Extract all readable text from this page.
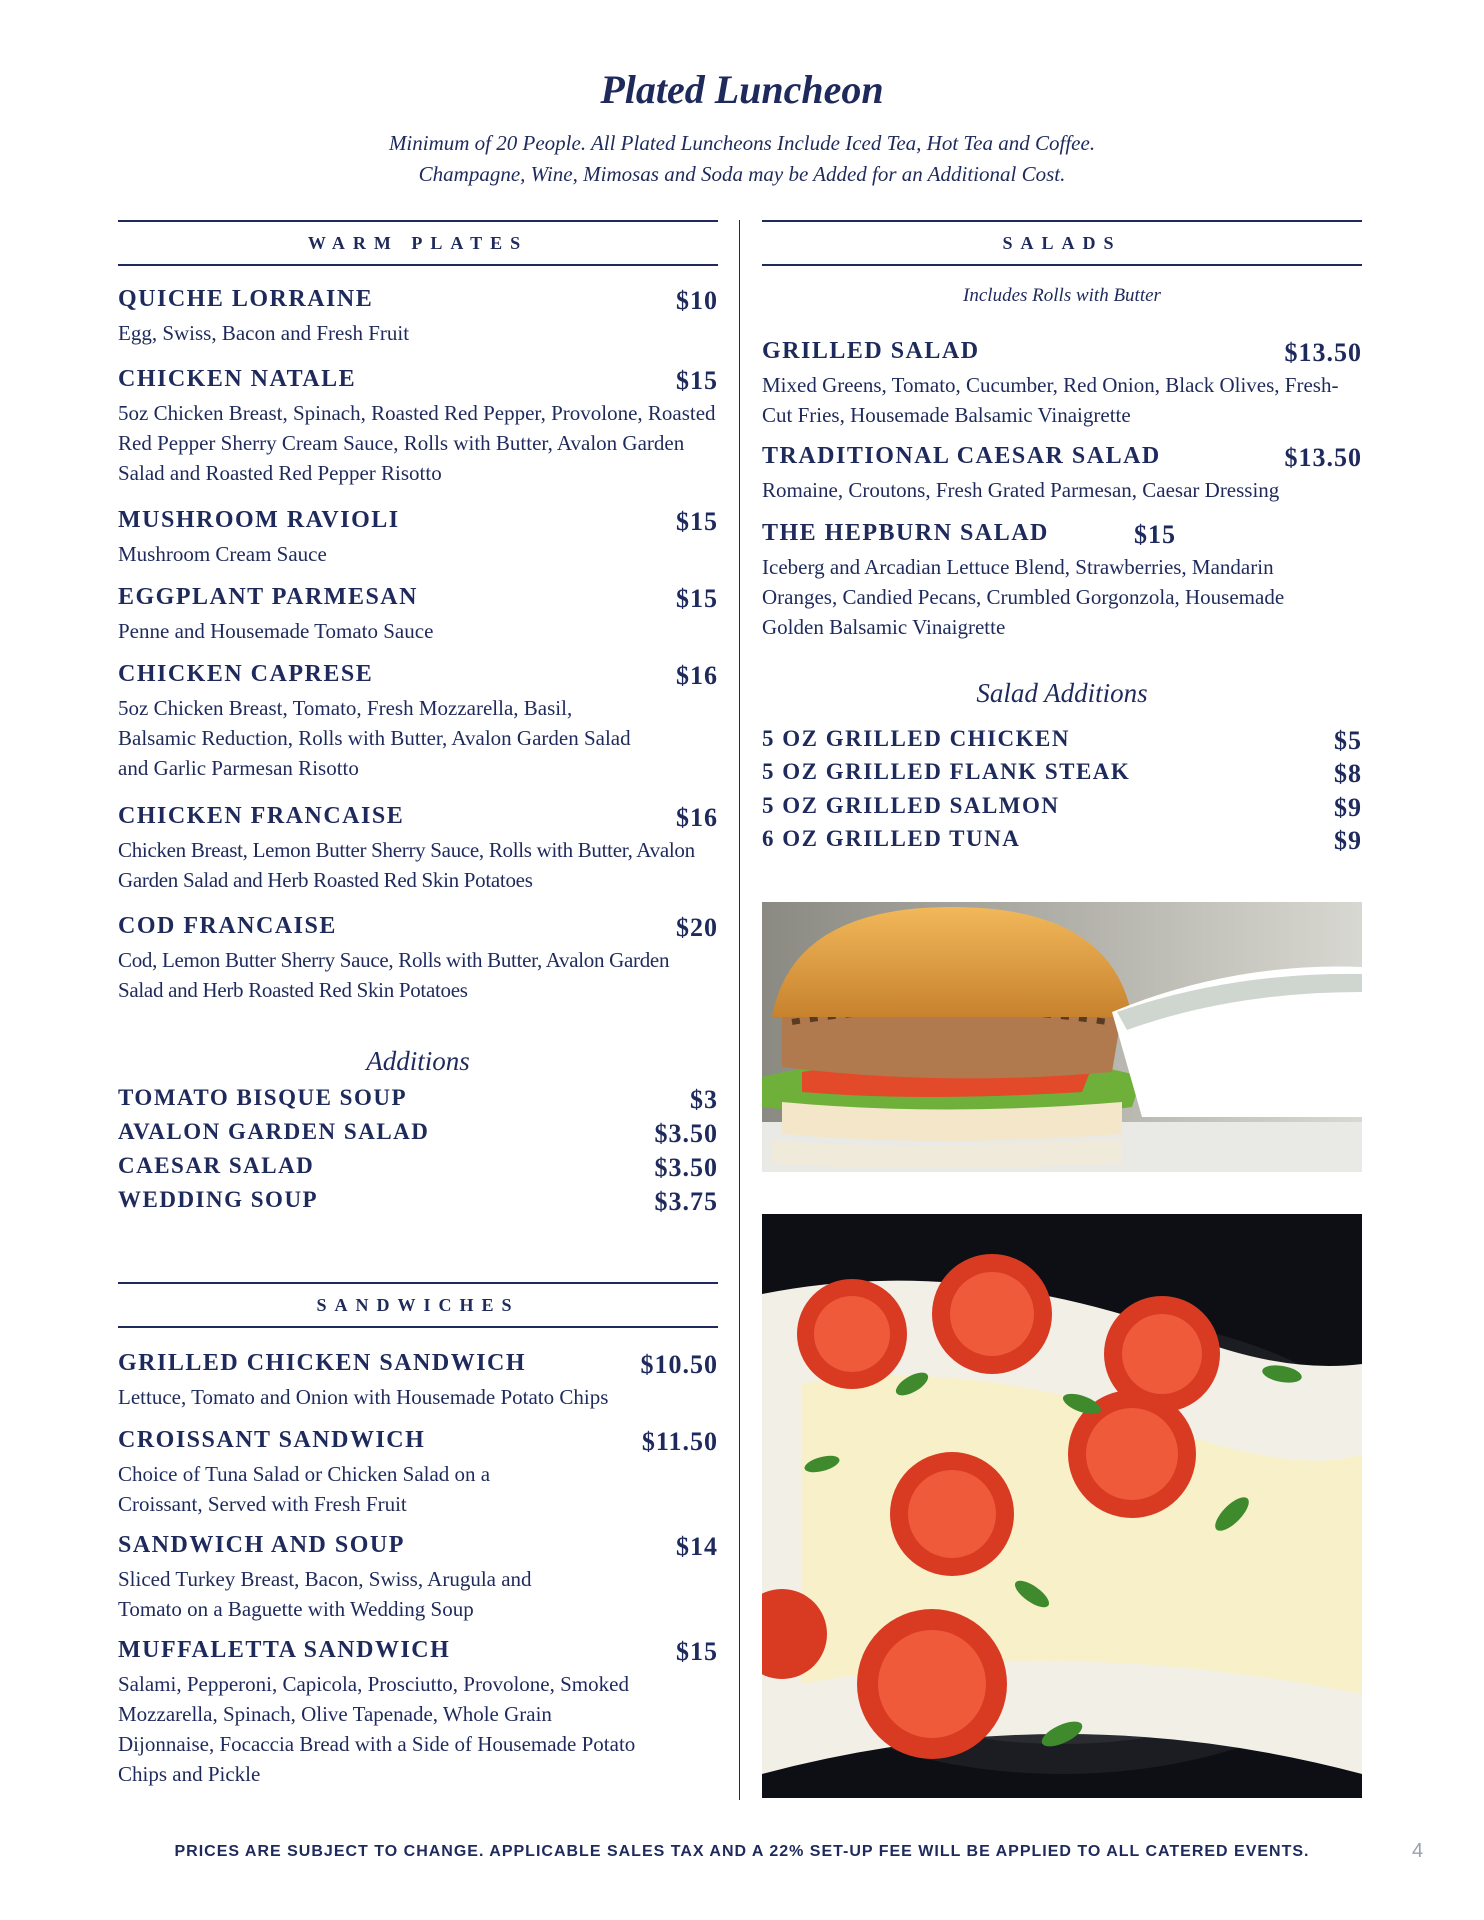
Plated Luncheon
Minimum of 20 People. All Plated Luncheons Include Iced Tea, Hot Tea and Coffee.
Champagne, Wine, Mimosas and Soda may be Added for an Additional Cost.
WARM PLATES
QUICHE LORRAINE	$10
Egg, Swiss, Bacon and Fresh Fruit
CHICKEN NATALE	$15
5oz Chicken Breast, Spinach, Roasted Red Pepper, Provolone, Roasted Red Pepper Sherry Cream Sauce, Rolls with Butter, Avalon Garden Salad and Roasted Red Pepper Risotto
MUSHROOM RAVIOLI	$15
Mushroom Cream Sauce
EGGPLANT PARMESAN	$15
Penne and Housemade Tomato Sauce
CHICKEN CAPRESE	$16
5oz Chicken Breast, Tomato, Fresh Mozzarella, Basil, Balsamic Reduction, Rolls with Butter, Avalon Garden Salad and Garlic Parmesan Risotto
CHICKEN FRANCAISE	$16
Chicken Breast, Lemon Butter Sherry Sauce, Rolls with Butter, Avalon Garden Salad and Herb Roasted Red Skin Potatoes
COD FRANCAISE	$20
Cod, Lemon Butter Sherry Sauce, Rolls with Butter, Avalon Garden Salad and Herb Roasted Red Skin Potatoes
Additions
TOMATO BISQUE SOUP	$3
AVALON GARDEN SALAD	$3.50
CAESAR SALAD	$3.50
WEDDING SOUP	$3.75
SANDWICHES
GRILLED CHICKEN SANDWICH	$10.50
Lettuce, Tomato and Onion with Housemade Potato Chips
CROISSANT SANDWICH	$11.50
Choice of Tuna Salad or Chicken Salad on a Croissant, Served with Fresh Fruit
SANDWICH AND SOUP	$14
Sliced Turkey Breast, Bacon, Swiss, Arugula and Tomato on a Baguette with Wedding Soup
MUFFALETTA SANDWICH	$15
Salami, Pepperoni, Capicola, Prosciutto, Provolone, Smoked Mozzarella, Spinach, Olive Tapenade, Whole Grain Dijonnaise, Focaccia Bread with a Side of Housemade Potato Chips and Pickle
SALADS
Includes Rolls with Butter
GRILLED SALAD	$13.50
Mixed Greens, Tomato, Cucumber, Red Onion, Black Olives, Fresh-Cut Fries, Housemade Balsamic Vinaigrette
TRADITIONAL CAESAR SALAD	$13.50
Romaine, Croutons, Fresh Grated Parmesan, Caesar Dressing
THE HEPBURN SALAD	$15
Iceberg and Arcadian Lettuce Blend, Strawberries, Mandarin Oranges, Candied Pecans, Crumbled Gorgonzola, Housemade Golden Balsamic Vinaigrette
Salad Additions
5 OZ GRILLED CHICKEN	$5
5 OZ GRILLED FLANK STEAK	$8
5 OZ GRILLED SALMON	$9
6 OZ GRILLED TUNA	$9
PRICES ARE SUBJECT TO CHANGE. APPLICABLE SALES TAX AND A 22% SET-UP FEE WILL BE APPLIED TO ALL CATERED EVENTS.	4
